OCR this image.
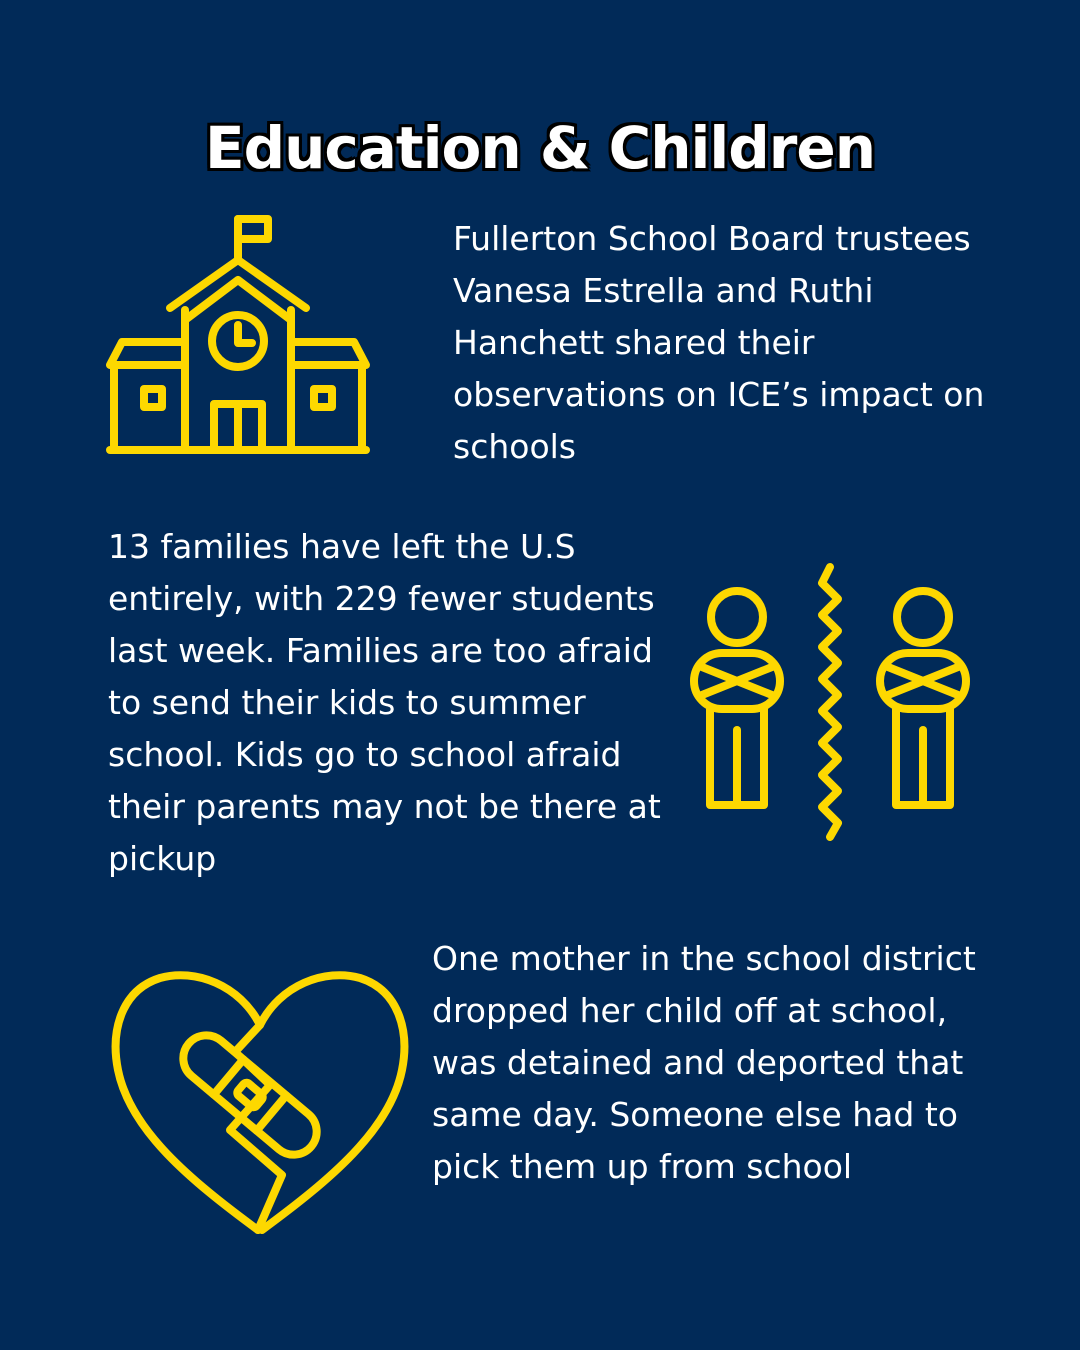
Education & Children

Fullerton School Board trustees Vanesa Estrella and Ruthi Hanchett shared their observations on ICE’s impact on schools

13 families have left the U.S entirely, with 229 fewer students last week. Families are too afraid to send their kids to summer school. Kids go to school afraid their parents may not be there at pickup

One mother in the school district dropped her child off at school, was detained and deported that same day. Someone else had to pick them up from school
